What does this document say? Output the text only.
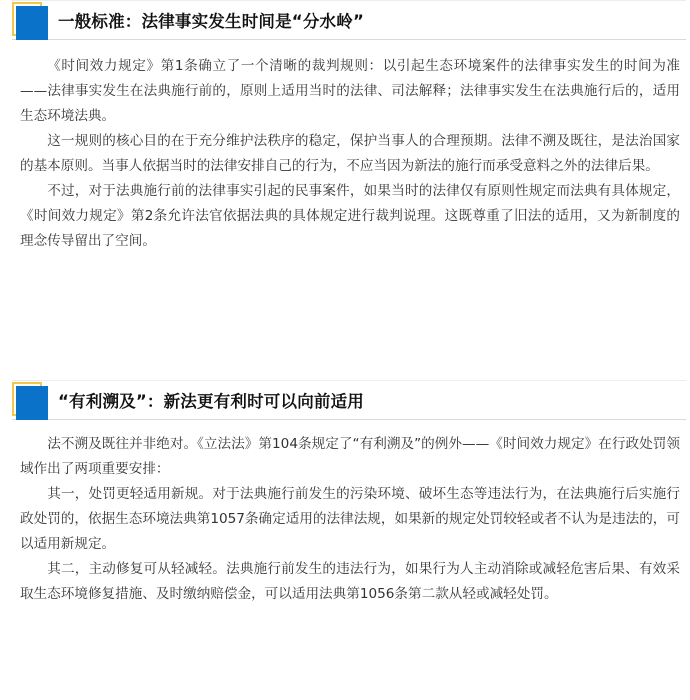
一般标准：法律事实发生时间是“分水岭”

《时间效力规定》第1条确立了一个清晰的裁判规则：以引起生态环境案件的法律事实发生的时间为准——法律事实发生在法典施行前的，原则上适用当时的法律、司法解释；法律事实发生在法典施行后的，适用生态环境法典。

这一规则的核心目的在于充分维护法秩序的稳定，保护当事人的合理预期。法律不溯及既往，是法治国家的基本原则。当事人依据当时的法律安排自己的行为，不应当因为新法的施行而承受意料之外的法律后果。

不过，对于法典施行前的法律事实引起的民事案件，如果当时的法律仅有原则性规定而法典有具体规定，《时间效力规定》第2条允许法官依据法典的具体规定进行裁判说理。这既尊重了旧法的适用，又为新制度的理念传导留出了空间。

“有利溯及”：新法更有利时可以向前适用

法不溯及既往并非绝对。《立法法》第104条规定了“有利溯及”的例外——《时间效力规定》在行政处罚领域作出了两项重要安排：

其一，处罚更轻适用新规。对于法典施行前发生的污染环境、破坏生态等违法行为，在法典施行后实施行政处罚的，依据生态环境法典第1057条确定适用的法律法规，如果新的规定处罚较轻或者不认为是违法的，可以适用新规定。

其二，主动修复可从轻减轻。法典施行前发生的违法行为，如果行为人主动消除或减轻危害后果、有效采取生态环境修复措施、及时缴纳赔偿金，可以适用法典第1056条第二款从轻或减轻处罚。
